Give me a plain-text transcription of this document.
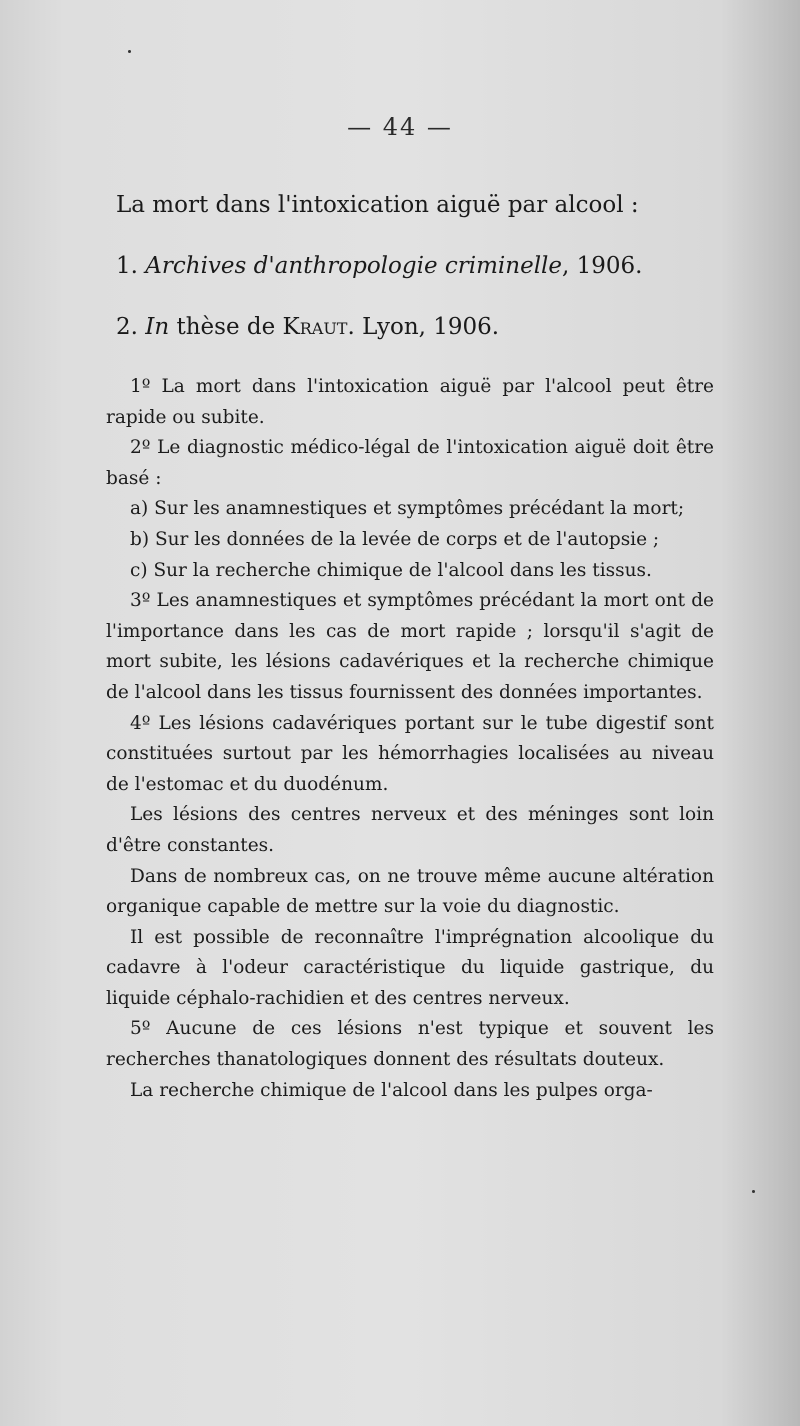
— 44 —
La mort dans l'intoxication aiguë par alcool :
1. Archives d'anthropologie criminelle, 1906.
2. In thèse de Kraut. Lyon, 1906.

1º La mort dans l'intoxication aiguë par l'alcool peut être rapide ou subite.

2º Le diagnostic médico-légal de l'intoxication aiguë doit être basé :

a) Sur les anamnestiques et symptômes précédant la mort;

b) Sur les données de la levée de corps et de l'autopsie ;

c) Sur la recherche chimique de l'alcool dans les tissus.

3º Les anamnestiques et symptômes précédant la mort ont de l'importance dans les cas de mort rapide ; lorsqu'il s'agit de mort subite, les lésions cadavériques et la recherche chimique de l'alcool dans les tissus fournissent des données importantes.

4º Les lésions cadavériques portant sur le tube digestif sont constituées surtout par les hémorrhagies localisées au niveau de l'estomac et du duodénum.

Les lésions des centres nerveux et des méninges sont loin d'être constantes.

Dans de nombreux cas, on ne trouve même aucune altération organique capable de mettre sur la voie du diagnostic.

Il est possible de reconnaître l'imprégnation alcoolique du cadavre à l'odeur caractéristique du liquide gastrique, du liquide céphalo-rachidien et des centres nerveux.

5º Aucune de ces lésions n'est typique et souvent les recherches thanatologiques donnent des résultats douteux.

La recherche chimique de l'alcool dans les pulpes orga-
